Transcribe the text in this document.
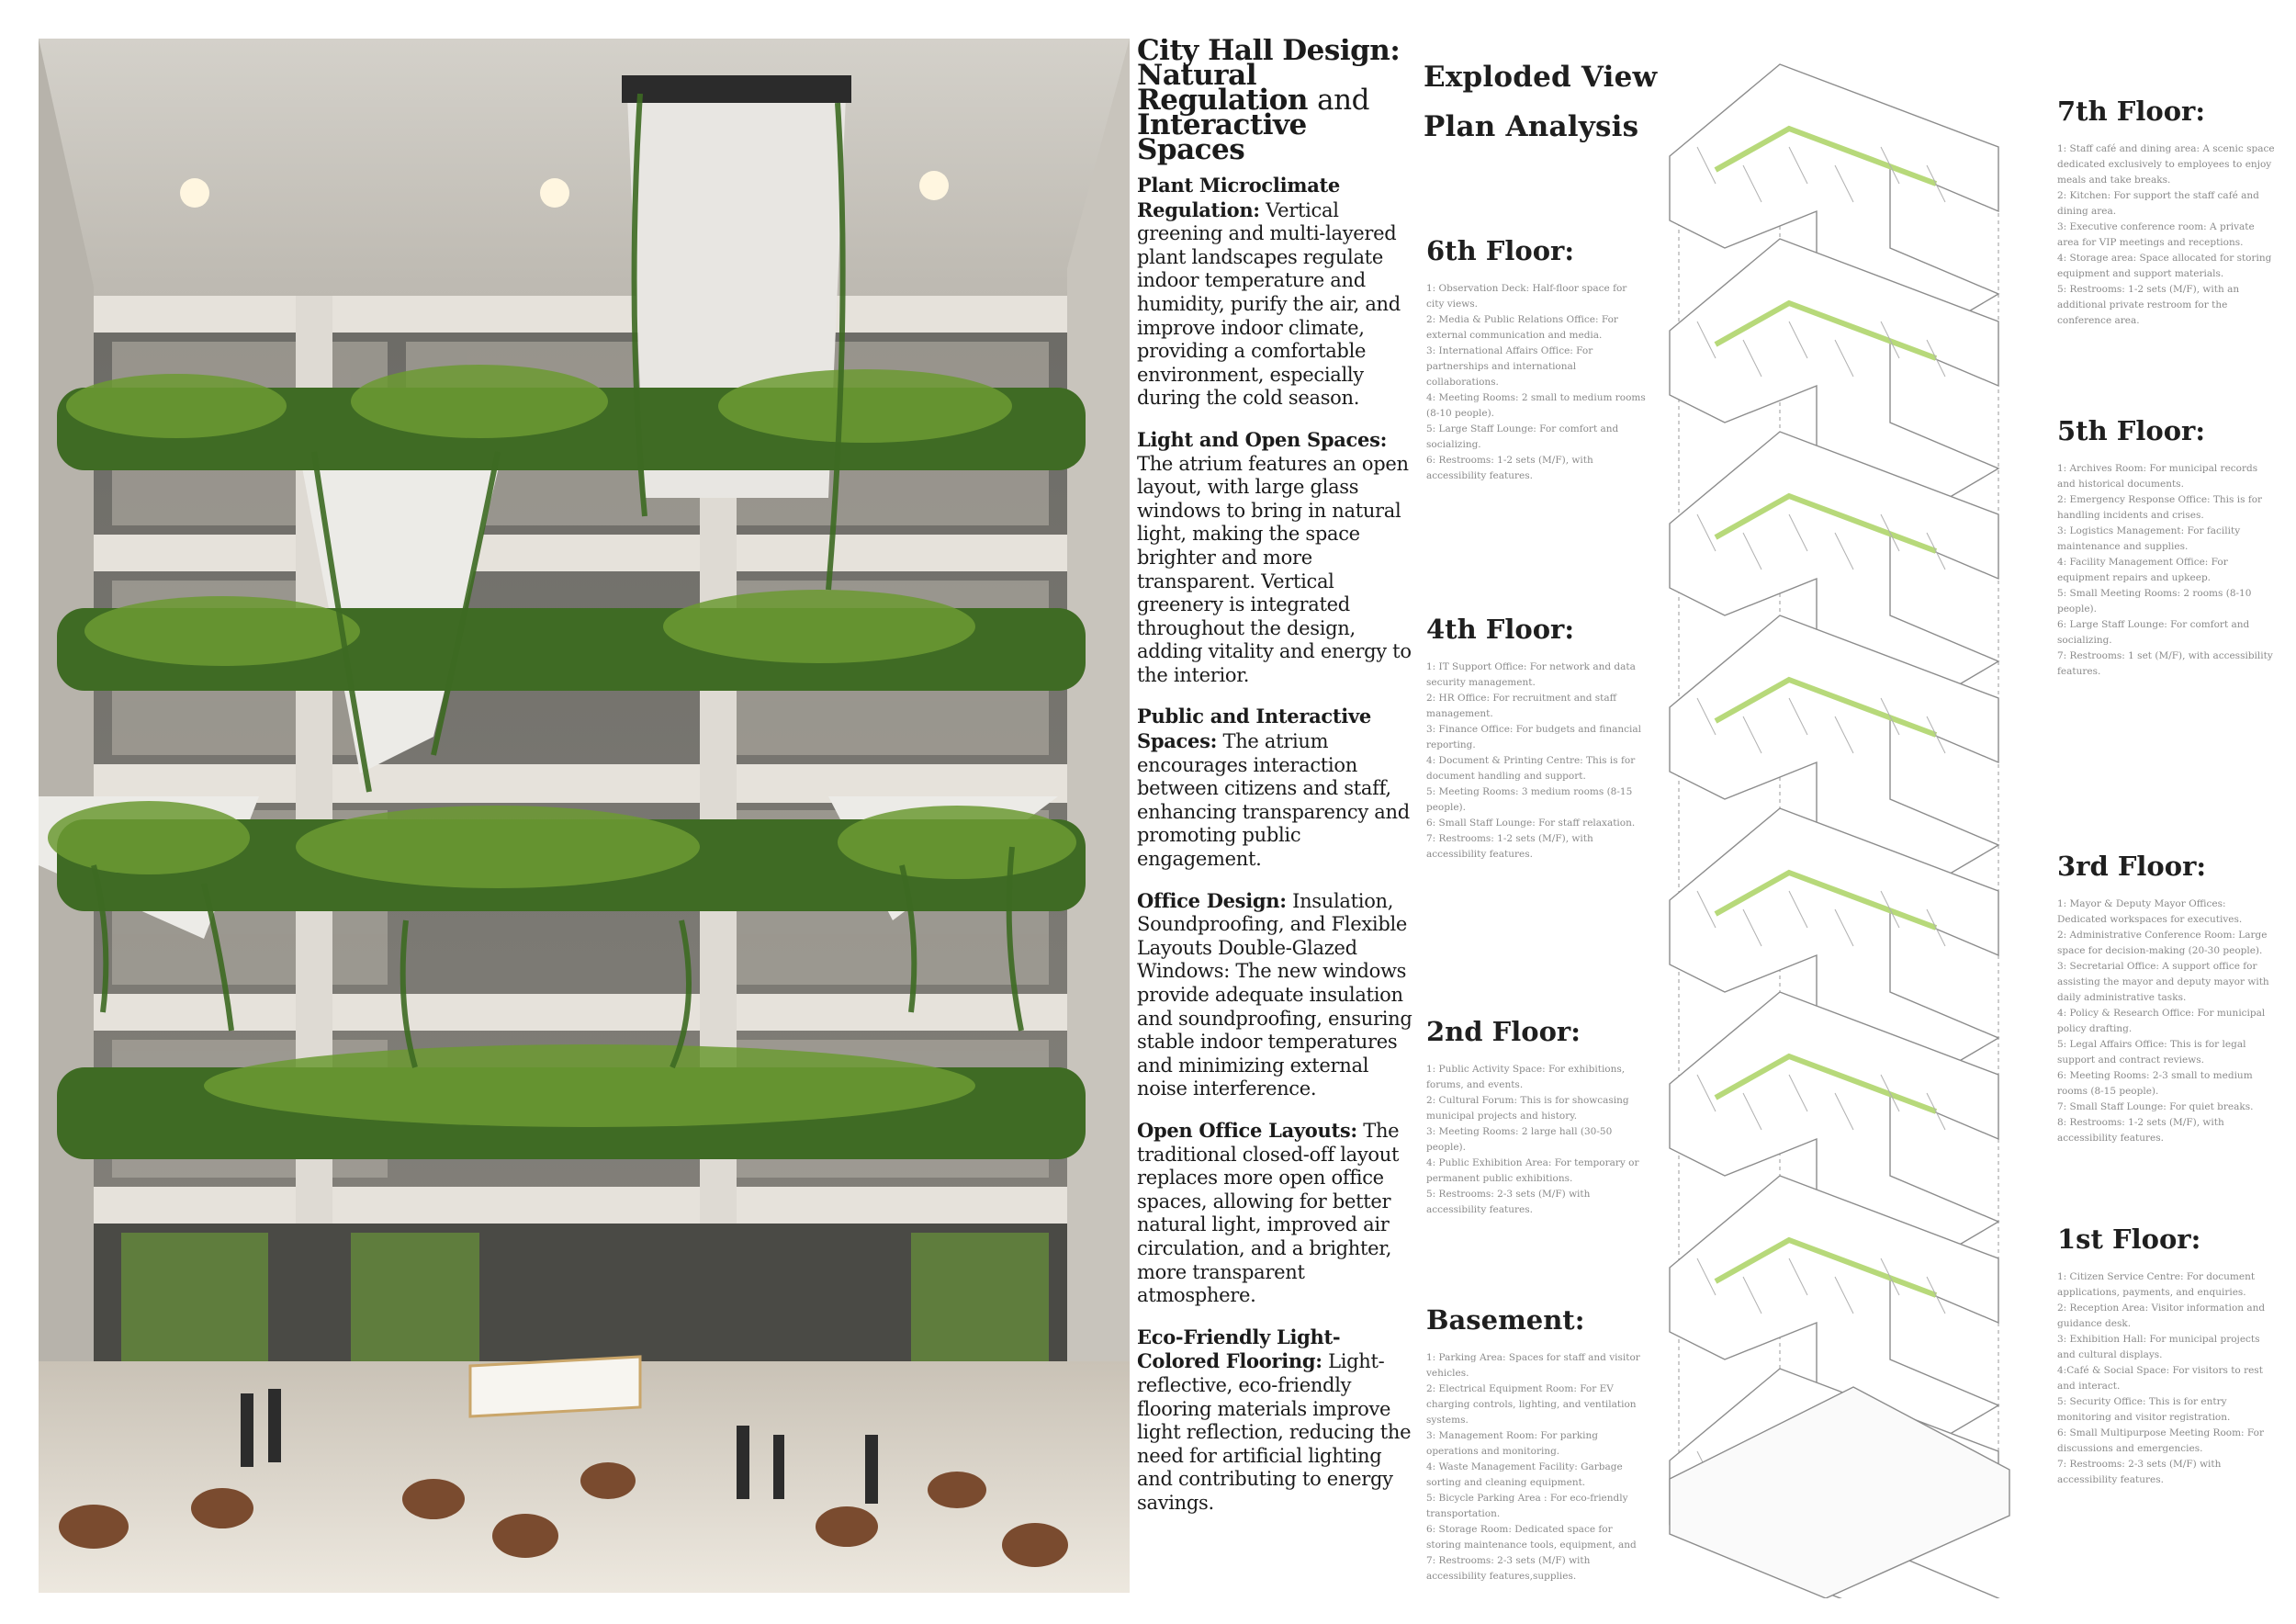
City Hall Design: Natural Regulation and Interactive Spaces

Plant Microclimate Regulation: Vertical greening and multi-layered plant landscapes regulate indoor temperature and humidity, purify the air, and improve indoor climate, providing a comfortable environment, especially during the cold season.

Light and Open Spaces: The atrium features an open layout, with large glass windows to bring in natural light, making the space brighter and more transparent. Vertical greenery is integrated throughout the design, adding vitality and energy to the interior.

Public and Interactive Spaces: The atrium encourages interaction between citizens and staff, enhancing transparency and promoting public engagement.

Office Design: Insulation, Soundproofing, and Flexible Layouts Double-Glazed Windows: The new windows provide adequate insulation and soundproofing, ensuring stable indoor temperatures and minimizing external noise interference.

Open Office Layouts: The traditional closed-off layout replaces more open office spaces, allowing for better natural light, improved air circulation, and a brighter, more transparent atmosphere.

Eco-Friendly Light-Colored Flooring: Light-reflective, eco-friendly flooring materials improve light reflection, reducing the need for artificial lighting and contributing to energy savings.

Exploded View
Plan Analysis
6th Floor:
1: Observation Deck: Half-floor space for
city views.
2: Media & Public Relations Office: For
external communication and media.
3: International Affairs Office: For
partnerships and international
collaborations.
4: Meeting Rooms: 2 small to medium rooms
(8-10 people).
5: Large Staff Lounge: For comfort and
socializing.
6: Restrooms: 1-2 sets (M/F), with
accessibility features.
4th Floor:
1: IT Support Office: For network and data
security management.
2: HR Office: For recruitment and staff
management.
3: Finance Office: For budgets and financial
reporting.
4: Document & Printing Centre: This is for
document handling and support.
5: Meeting Rooms: 3 medium rooms (8-15
people).
6: Small Staff Lounge: For staff relaxation.
7: Restrooms: 1-2 sets (M/F), with
accessibility features.
2nd Floor:
1: Public Activity Space: For exhibitions,
forums, and events.
2: Cultural Forum: This is for showcasing
municipal projects and history.
3: Meeting Rooms: 2 large hall (30-50
people).
4: Public Exhibition Area: For temporary or
permanent public exhibitions.
5: Restrooms: 2-3 sets (M/F) with
accessibility features.
Basement:
1: Parking Area: Spaces for staff and visitor
vehicles.
2: Electrical Equipment Room: For EV
charging controls, lighting, and ventilation
systems.
3: Management Room: For parking
operations and monitoring.
4: Waste Management Facility: Garbage
sorting and cleaning equipment.
5: Bicycle Parking Area : For eco-friendly
transportation.
6: Storage Room: Dedicated space for
storing maintenance tools, equipment, and
7: Restrooms: 2-3 sets (M/F) with
accessibility features,supplies.
7th Floor:
1: Staff café and dining area: A scenic space
dedicated exclusively to employees to enjoy
meals and take breaks.
2: Kitchen: For support the staff café and
dining area.
3: Executive conference room: A private
area for VIP meetings and receptions.
4: Storage area: Space allocated for storing
equipment and support materials.
5: Restrooms: 1-2 sets (M/F), with an
additional private restroom for the
conference area.
5th Floor:
1: Archives Room: For municipal records
and historical documents.
2: Emergency Response Office: This is for
handling incidents and crises.
3: Logistics Management: For facility
maintenance and supplies.
4: Facility Management Office: For
equipment repairs and upkeep.
5: Small Meeting Rooms: 2 rooms (8-10
people).
6: Large Staff Lounge: For comfort and
socializing.
7: Restrooms: 1 set (M/F), with accessibility
features.
3rd Floor:
1: Mayor & Deputy Mayor Offices:
Dedicated workspaces for executives.
2: Administrative Conference Room: Large
space for decision-making (20-30 people).
3: Secretarial Office: A support office for
assisting the mayor and deputy mayor with
daily administrative tasks.
4: Policy & Research Office: For municipal
policy drafting.
5: Legal Affairs Office: This is for legal
support and contract reviews.
6: Meeting Rooms: 2-3 small to medium
rooms (8-15 people).
7: Small Staff Lounge: For quiet breaks.
8: Restrooms: 1-2 sets (M/F), with
accessibility features.
1st Floor:
1: Citizen Service Centre: For document
applications, payments, and enquiries.
2: Reception Area: Visitor information and
guidance desk.
3: Exhibition Hall: For municipal projects
and cultural displays.
4:Café & Social Space: For visitors to rest
and interact.
5: Security Office: This is for entry
monitoring and visitor registration.
6: Small Multipurpose Meeting Room: For
discussions and emergencies.
7: Restrooms: 2-3 sets (M/F) with
accessibility features.
